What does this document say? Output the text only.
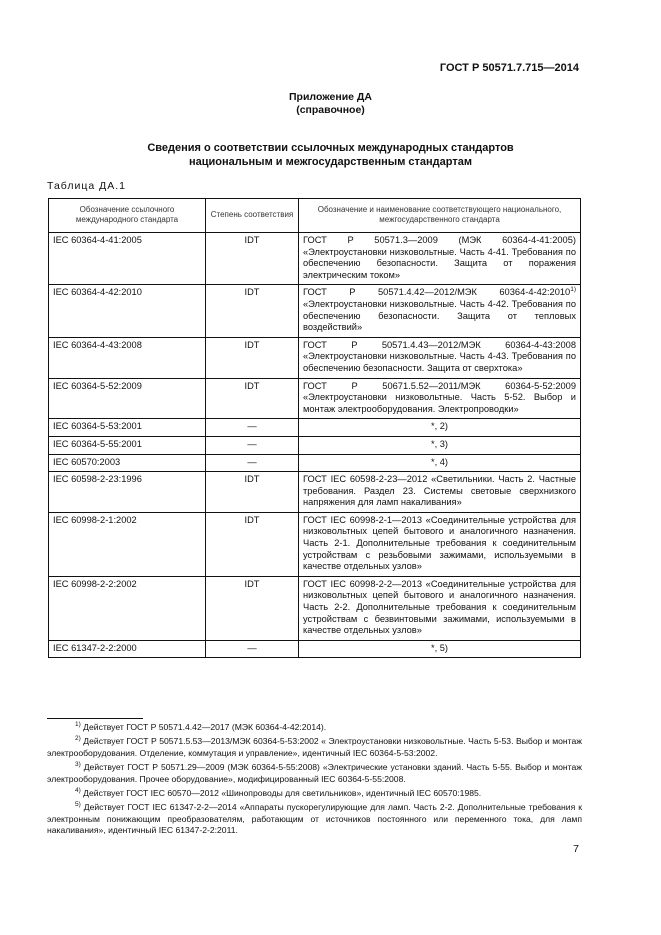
ГОСТ Р 50571.7.715—2014
Приложение ДА
(справочное)
Сведения о соответствии ссылочных международных стандартов
национальным и межгосударственным стандартам
Таблица ДА.1
Обозначение ссылочного международного стандарта	Степень соответствия	Обозначение и наименование соответствующего национального, межгосударственного стандарта
IEC 60364-4-41:2005	IDT	ГОСТ Р 50571.3—2009 (МЭК 60364-4-41:2005) «Электроустановки низковольтные. Часть 4-41. Требования по обеспечению безопасности. Защита от поражения электрическим током»
IEC 60364-4-42:2010	IDT	ГОСТ Р 50571.4.42—2012/МЭК 60364-4-42:2010$^{1)}$ «Электроустановки низковольтные. Часть 4-42. Требования по обеспечению безопасности. Защита от тепловых воздействий»
IEC 60364-4-43:2008	IDT	ГОСТ Р 50571.4.43—2012/МЭК 60364-4-43:2008 «Электроустановки низковольтные. Часть 4-43. Требования по обеспечению безопасности. Защита от сверхтока»
IEC 60364-5-52:2009	IDT	ГОСТ Р 50671.5.52—2011/МЭК 60364-5-52:2009 «Электроустановки низковольтные. Часть 5-52. Выбор и монтаж электрооборудования. Электропроводки»
IEC 60364-5-53:2001	—	*, 2)
IEC 60364-5-55:2001	—	*, 3)
IEC 60570:2003	—	*, 4)
IEC 60598-2-23:1996	IDT	ГОСТ IEC 60598-2-23—2012 «Светильники. Часть 2. Частные требования. Раздел 23. Системы световые сверхнизкого напряжения для ламп накаливания»
IEC 60998-2-1:2002	IDT	ГОСТ IEC 60998-2-1—2013 «Соединительные устройства для низковольтных цепей бытового и аналогичного назначения. Часть 2-1. Дополнительные требования к соединительным устройствам с резьбовыми зажимами, используемыми в качестве отдельных узлов»
IEC 60998-2-2:2002	IDT	ГОСТ IEC 60998-2-2—2013 «Соединительные устройства для низковольтных цепей бытового и аналогичного назначения. Часть 2-2. Дополнительные требования к соединительным устройствам с безвинтовыми зажимами, используемыми в качестве отдельных узлов»
IEC 61347-2-2:2000	—	*, 5)

$^{1)}$ Действует ГОСТ Р 50571.4.42—2017 (МЭК 60364-4-42:2014).

$^{2)}$ Действует ГОСТ Р 50571.5.53—2013/МЭК 60364-5-53:2002 « Электроустановки низковольтные. Часть 5-53. Выбор и монтаж электрооборудования. Отделение, коммутация и управление», идентичный IEC 60364-5-53:2002.

$^{3)}$ Действует ГОСТ Р 50571.29—2009 (МЭК 60364-5-55:2008) «Электрические установки зданий. Часть 5-55. Выбор и монтаж электрооборудования. Прочее оборудование», модифицированный IEC 60364-5-55:2008.

$^{4)}$ Действует ГОСТ IEC 60570—2012 «Шинопроводы для светильников», идентичный IEC 60570:1985.

$^{5)}$ Действует ГОСТ IEC 61347-2-2—2014 «Аппараты пускорегулирующие для ламп. Часть 2-2. Дополнительные требования к электронным понижающим преобразователям, работающим от источников постоянного или переменного тока, для ламп накаливания», идентичный IEC 61347-2-2:2011.

7
